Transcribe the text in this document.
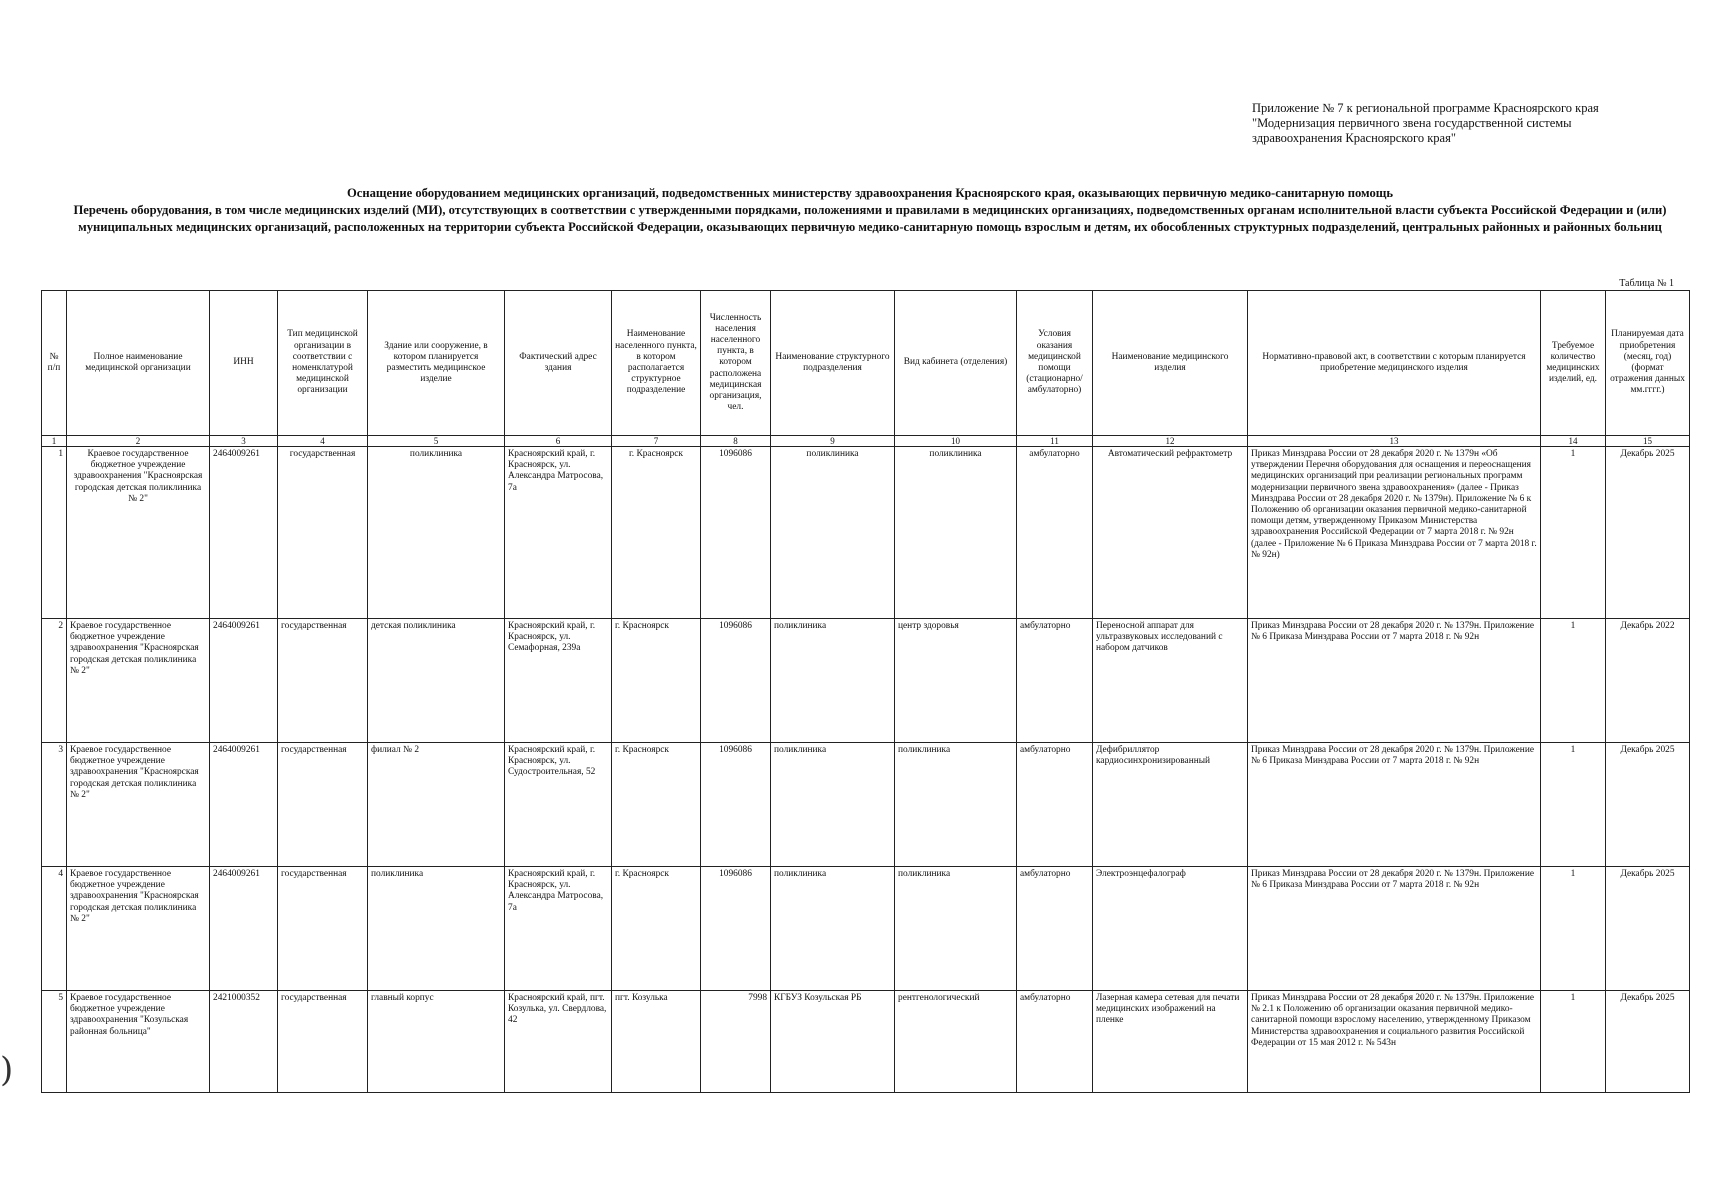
Приложение № 7 к региональной программе Красноярского края
"Модернизация первичного звена государственной системы
здравоохранения Красноярского края"
Оснащение оборудованием медицинских организаций, подведомственных министерству здравоохранения Красноярского края, оказывающих первичную медико-санитарную помощь
Перечень оборудования, в том числе медицинских изделий (МИ), отсутствующих в соответствии с утвержденными порядками, положениями и правилами в медицинских организациях, подведомственных органам исполнительной власти субъекта Российской Федерации и (или) муниципальных медицинских организаций, расположенных на территории субъекта Российской Федерации, оказывающих первичную медико-санитарную помощь взрослым и детям, их обособленных структурных подразделений, центральных районных и районных больниц
Таблица № 1
№ п/п	Полное наименование медицинской организации	ИНН	Тип медицинской организации в соответствии с номенклатурой медицинской организации	Здание или сооружение, в котором планируется разместить медицинское изделие	Фактический адрес здания	Наименование населенного пункта, в котором располагается структурное подразделение	Численность населения населенного пункта, в котором расположена медицинская организация, чел.	Наименование структурного подразделения	Вид кабинета (отделения)	Условия оказания медицинской помощи (стационарно/амбулаторно)	Наименование медицинского изделия	Нормативно-правовой акт, в соответствии с которым планируется приобретение медицинского изделия	Требуемое количество медицинских изделий, ед.	Планируемая дата приобретения (месяц, год) (формат отражения данных мм.гггг.)
1	2	3	4	5	6	7	8	9	10	11	12	13	14	15
1	Краевое государственное бюджетное учреждение здравоохранения "Красноярская городская детская поликлиника № 2"	2464009261	государственная	поликлиника	Красноярский край, г. Красноярск, ул. Александра Матросова, 7а	г. Красноярск	1096086	поликлиника	поликлиника	амбулаторно	Автоматический рефрактометр	Приказ Минздрава России от 28 декабря 2020 г. № 1379н «Об утверждении Перечня оборудования для оснащения и переоснащения медицинских организаций при реализации региональных программ модернизации первичного звена здравоохранения» (далее - Приказ Минздрава России от 28 декабря 2020 г. № 1379н). Приложение № 6 к Положению об организации оказания первичной медико-санитарной помощи детям, утвержденному Приказом Министерства здравоохранения Российской Федерации от 7 марта 2018 г. № 92н (далее - Приложение № 6 Приказа Минздрава России от 7 марта 2018 г. № 92н)	1	Декабрь 2025
2	Краевое государственное бюджетное учреждение здравоохранения "Красноярская городская детская поликлиника № 2"	2464009261	государственная	детская поликлиника	Красноярский край, г. Красноярск, ул. Семафорная, 239а	г. Красноярск	1096086	поликлиника	центр здоровья	амбулаторно	Переносной аппарат для ультразвуковых исследований с набором датчиков	Приказ Минздрава России от 28 декабря 2020 г. № 1379н. Приложение № 6 Приказа Минздрава России от 7 марта 2018 г. № 92н	1	Декабрь 2022
3	Краевое государственное бюджетное учреждение здравоохранения "Красноярская городская детская поликлиника № 2"	2464009261	государственная	филиал № 2	Красноярский край, г. Красноярск, ул. Судостроительная, 52	г. Красноярск	1096086	поликлиника	поликлиника	амбулаторно	Дефибриллятор кардиосинхронизированный	Приказ Минздрава России от 28 декабря 2020 г. № 1379н. Приложение № 6 Приказа Минздрава России от 7 марта 2018 г. № 92н	1	Декабрь 2025
4	Краевое государственное бюджетное учреждение здравоохранения "Красноярская городская детская поликлиника № 2"	2464009261	государственная	поликлиника	Красноярский край, г. Красноярск, ул. Александра Матросова, 7а	г. Красноярск	1096086	поликлиника	поликлиника	амбулаторно	Электроэнцефалограф	Приказ Минздрава России от 28 декабря 2020 г. № 1379н. Приложение № 6 Приказа Минздрава России от 7 марта 2018 г. № 92н	1	Декабрь 2025
5	Краевое государственное бюджетное учреждение здравоохранения "Козульская районная больница"	2421000352	государственная	главный корпус	Красноярский край, пгт. Козулька, ул. Свердлова, 42	пгт. Козулька	7998	КГБУЗ Козульская РБ	рентгенологический	амбулаторно	Лазерная камера сетевая для печати медицинских изображений на пленке	Приказ Минздрава России от 28 декабря 2020 г. № 1379н. Приложение № 2.1 к Положению об организации оказания первичной медико-санитарной помощи взрослому населению, утвержденному Приказом Министерства здравоохранения и социального развития Российской Федерации от 15 мая 2012 г. № 543н	1	Декабрь 2025
)
